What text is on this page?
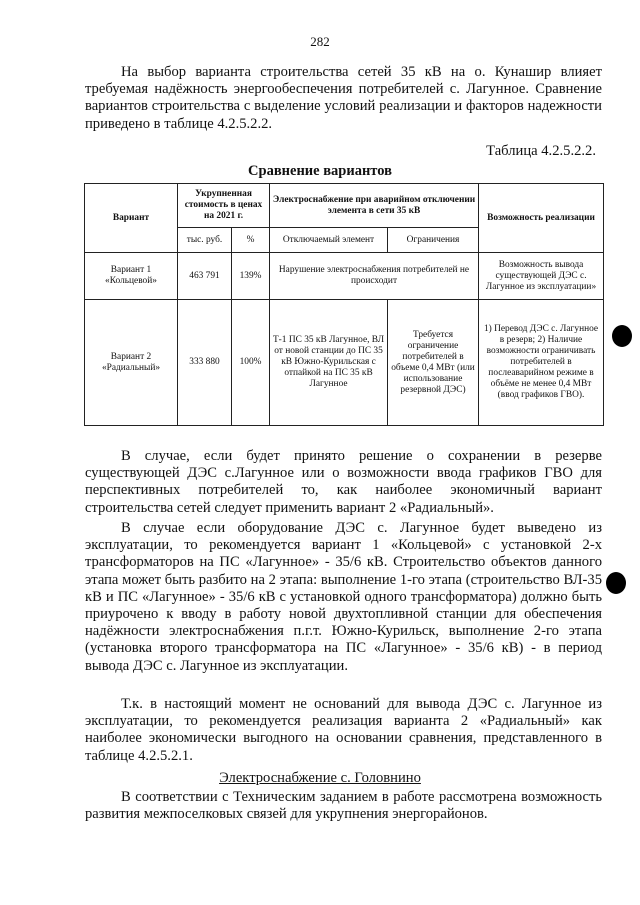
282

На выбор варианта строительства сетей 35 кВ на о. Кунашир влияет требуемая надёжность энергообеспечения потребителей с. Лагунное. Сравнение вариантов строительства с выделение условий реализации и факторов надежности приведено в таблице 4.2.5.2.2.

Таблица 4.2.5.2.2.
Сравнение вариантов
Вариант	Укрупненная стоимость в ценах на 2021 г.		Электроснабжение при аварийном отключении элемента в сети 35 кВ		Возможность реализации
	тыс. руб.	%	Отключаемый элемент	Ограничения	
Вариант 1 «Кольцевой»	463 791	139%	Нарушение электроснабжения потребителей не происходит		Возможность вывода существующей ДЭС с. Лагунное из эксплуатации»
Вариант 2 «Радиальный»	333 880	100%	Т-1 ПС 35 кВ Лагунное, ВЛ от новой станции до ПС 35 кВ Южно-Курильская с отпайкой на ПС 35 кВ Лагунное	Требуется ограничение потребителей в объеме 0,4 МВт (или использование резервной ДЭС)	1) Перевод ДЭС с. Лагунное в резерв; 2) Наличие возможности ограничивать потребителей в послеаварийном режиме в объёме не менее 0,4 МВт (ввод графиков ГВО).

В случае, если будет принято решение о сохранении в резерве существующей ДЭС с.Лагунное или о возможности ввода графиков ГВО для перспективных потребителей то, как наиболее экономичный вариант строительства сетей следует применить вариант 2 «Радиальный».

В случае если оборудование ДЭС с. Лагунное будет выведено из эксплуатации, то рекомендуется вариант 1 «Кольцевой» с установкой 2-х трансформаторов на ПС «Лагунное» - 35/6 кВ. Строительство объектов данного этапа может быть разбито на 2 этапа: выполнение 1-го этапа (строительство ВЛ-35 кВ и ПС «Лагунное» - 35/6 кВ с установкой одного трансформатора) должно быть приурочено к вводу в работу новой двухтопливной станции для обеспечения надёжности электроснабжения п.г.т. Южно-Курильск, выполнение 2-го этапа (установка второго трансформатора на ПС «Лагунное» - 35/6 кВ) - в период вывода ДЭС с. Лагунное из эксплуатации.

Т.к. в настоящий момент не оснований для вывода ДЭС с. Лагунное из эксплуатации, то рекомендуется реализация варианта 2 «Радиальный» как наиболее экономически выгодного на основании сравнения, представленного в таблице 4.2.5.2.1.

Электроснабжение с. Головнино

В соответствии с Техническим заданием в работе рассмотрена возможность развития межпоселковых связей для укрупнения энергорайонов.
